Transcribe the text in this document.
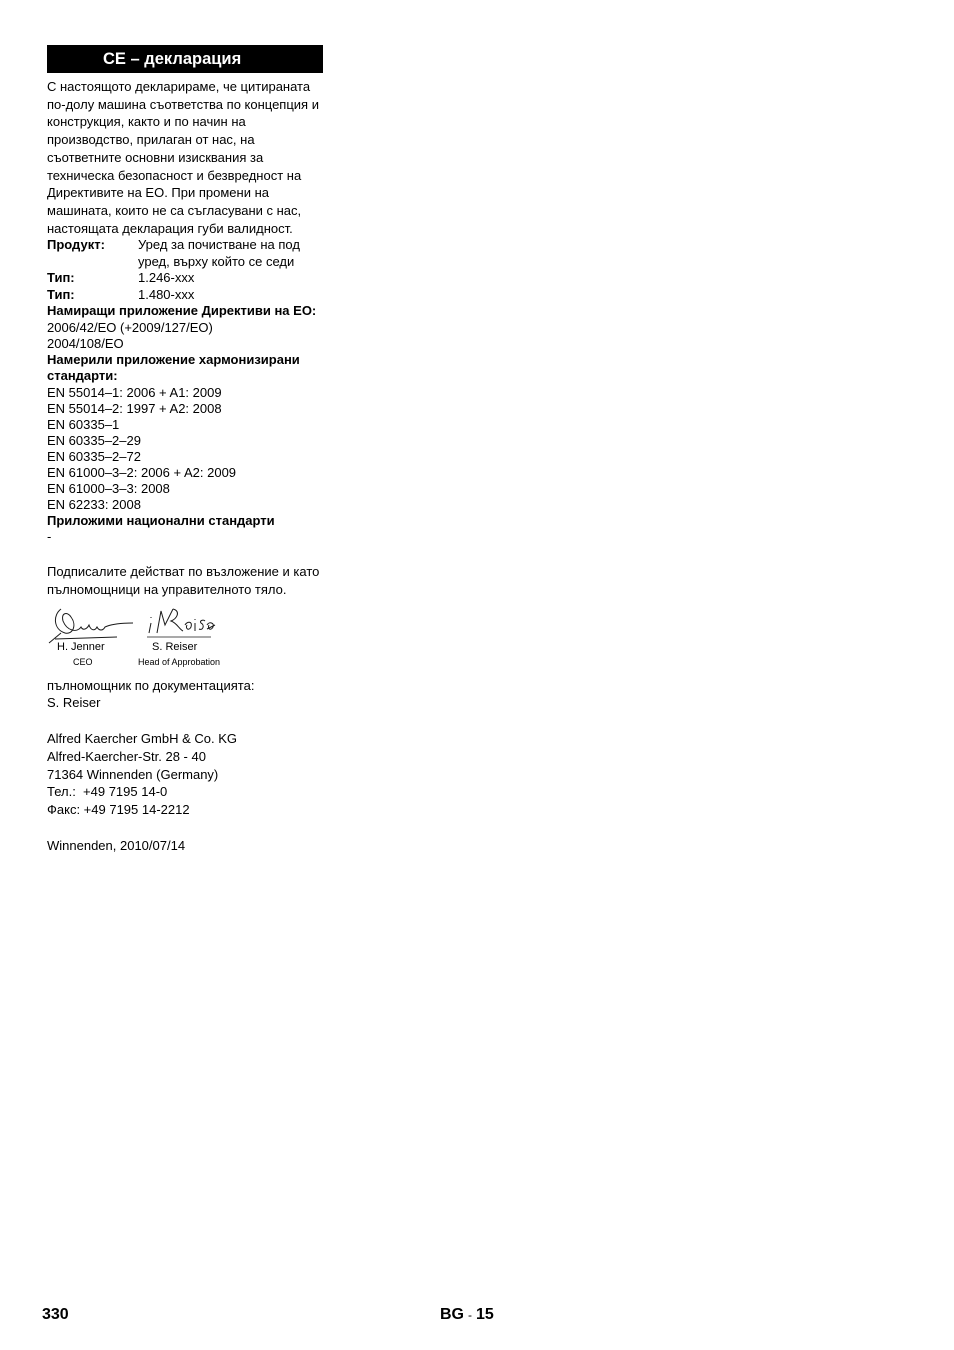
CE – декларация

С настоящото декларираме, че цитираната по-долу машина съответства по концепция и конструкция, както и по начин на производство, прилаган от нас, на съответните основни изисквания за техническа безопасност и безвредност на Директивите на ЕО. При промени на машината, които не са съгласувани с нас, настоящата декларация губи валидност.

Продукт:	Уред за почистване на под уред, върху който се седи
Тип:	1.246-xxx
Тип:	1.480-xxx
Намиращи приложение Директиви на ЕО:
2006/42/EO (+2009/127/EO)
2004/108/EO
Намерили приложение хармонизирани стандарти:
EN 55014–1: 2006 + A1: 2009
EN 55014–2: 1997 + A2: 2008
EN 60335–1
EN 60335–2–29
EN 60335–2–72
EN 61000–3–2: 2006 + A2: 2009
EN 61000–3–3: 2008
EN 62233: 2008
Приложими национални стандарти
-

Подписалите действат по възложение и като пълномощници на управителното тяло.

H. Jenner	S. Reiser
CEO	Head of Approbation
пълномощник по документацията:
S. Reiser
Alfred Kaercher GmbH & Co. KG
Alfred-Kaercher-Str. 28 - 40
71364 Winnenden (Germany)
Тел.:  +49 7195 14-0
Факс: +49 7195 14-2212
Winnenden, 2010/07/14
330	BG - 15
